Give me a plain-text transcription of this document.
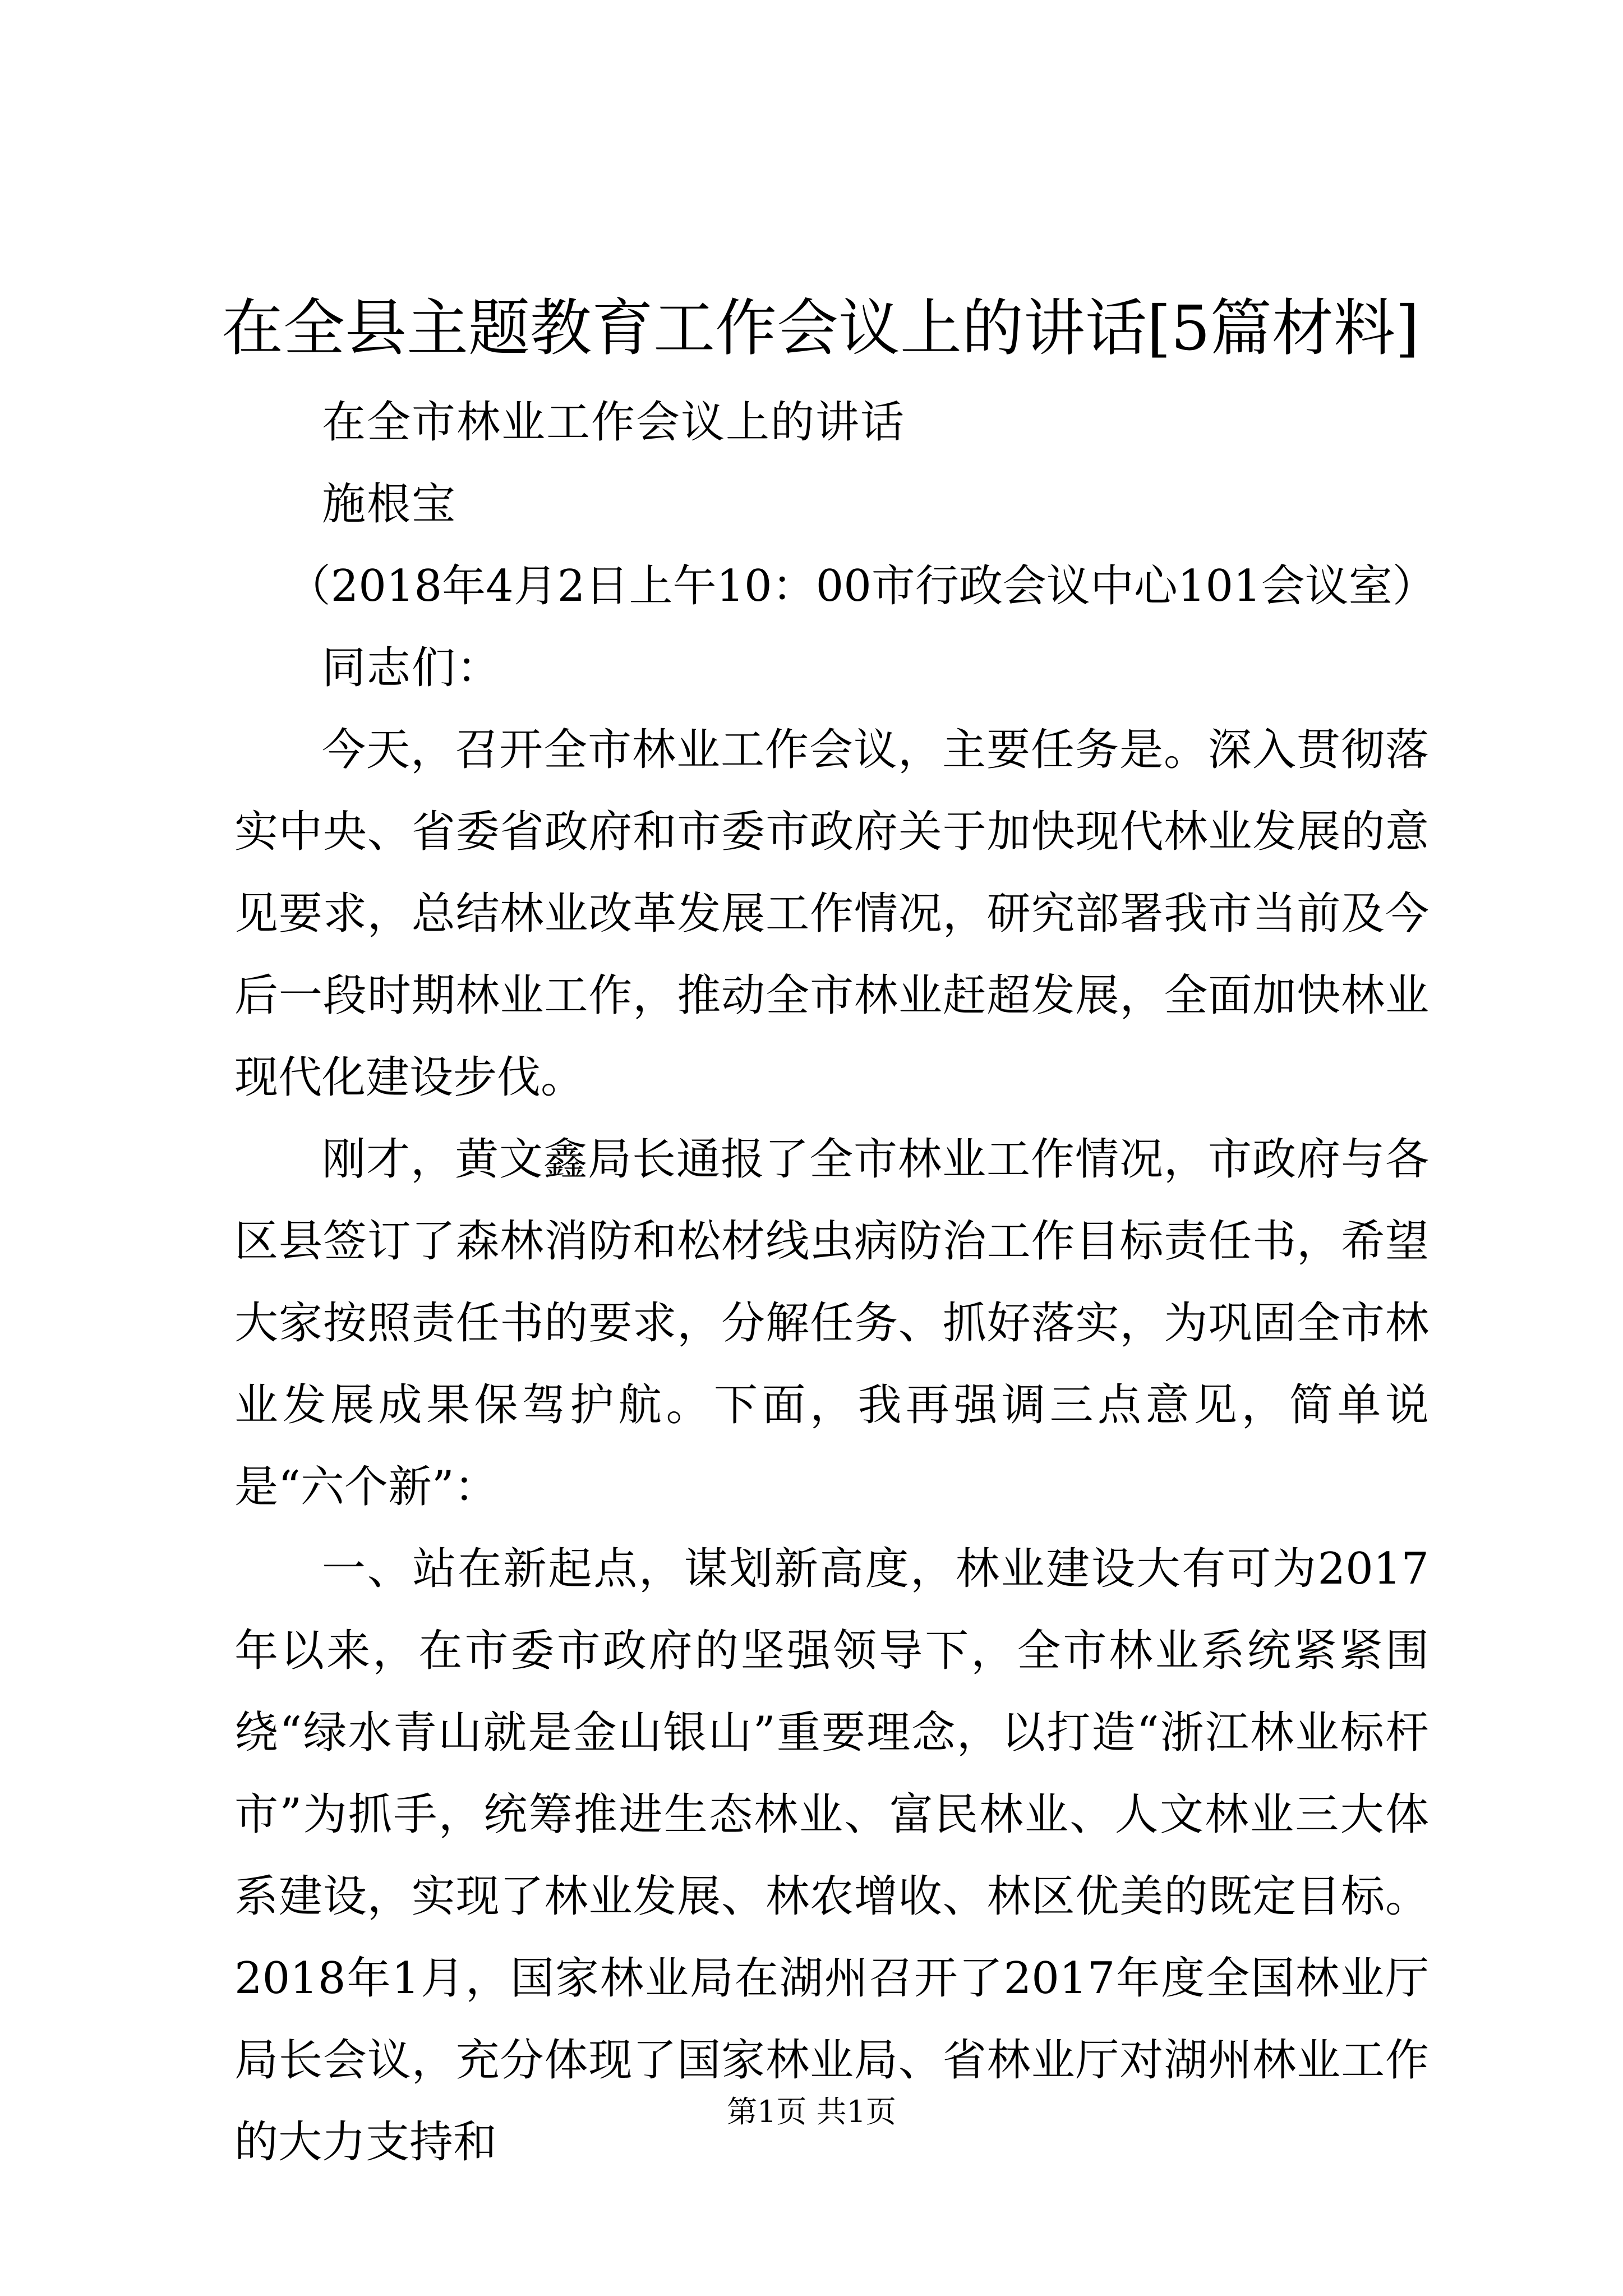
在全县主题教育工作会议上的讲话[5篇材料]

在全市林业工作会议上的讲话

施根宝

（2018年4月2日上午10：00市行政会议中心101会议室）

同志们：

今天，召开全市林业工作会议，主要任务是。深入贯彻落实中央、省委省政府和市委市政府关于加快现代林业发展的意见要求，总结林业改革发展工作情况，研究部署我市当前及今后一段时期林业工作，推动全市林业赶超发展，全面加快林业现代化建设步伐。

刚才，黄文鑫局长通报了全市林业工作情况，市政府与各区县签订了森林消防和松材线虫病防治工作目标责任书，希望大家按照责任书的要求，分解任务、抓好落实，为巩固全市林业发展成果保驾护航。下面，我再强调三点意见，简单说是“六个新”：

一、站在新起点，谋划新高度，林业建设大有可为2017年以来，在市委市政府的坚强领导下，全市林业系统紧紧围绕“绿水青山就是金山银山”重要理念，以打造“浙江林业标杆市”为抓手，统筹推进生态林业、富民林业、人文林业三大体系建设，实现了林业发展、林农增收、林区优美的既定目标。2018年1月，国家林业局在湖州召开了2017年度全国林业厅局长会议，充分体现了国家林业局、省林业厅对湖州林业工作的大力支持和

第1页 共1页
